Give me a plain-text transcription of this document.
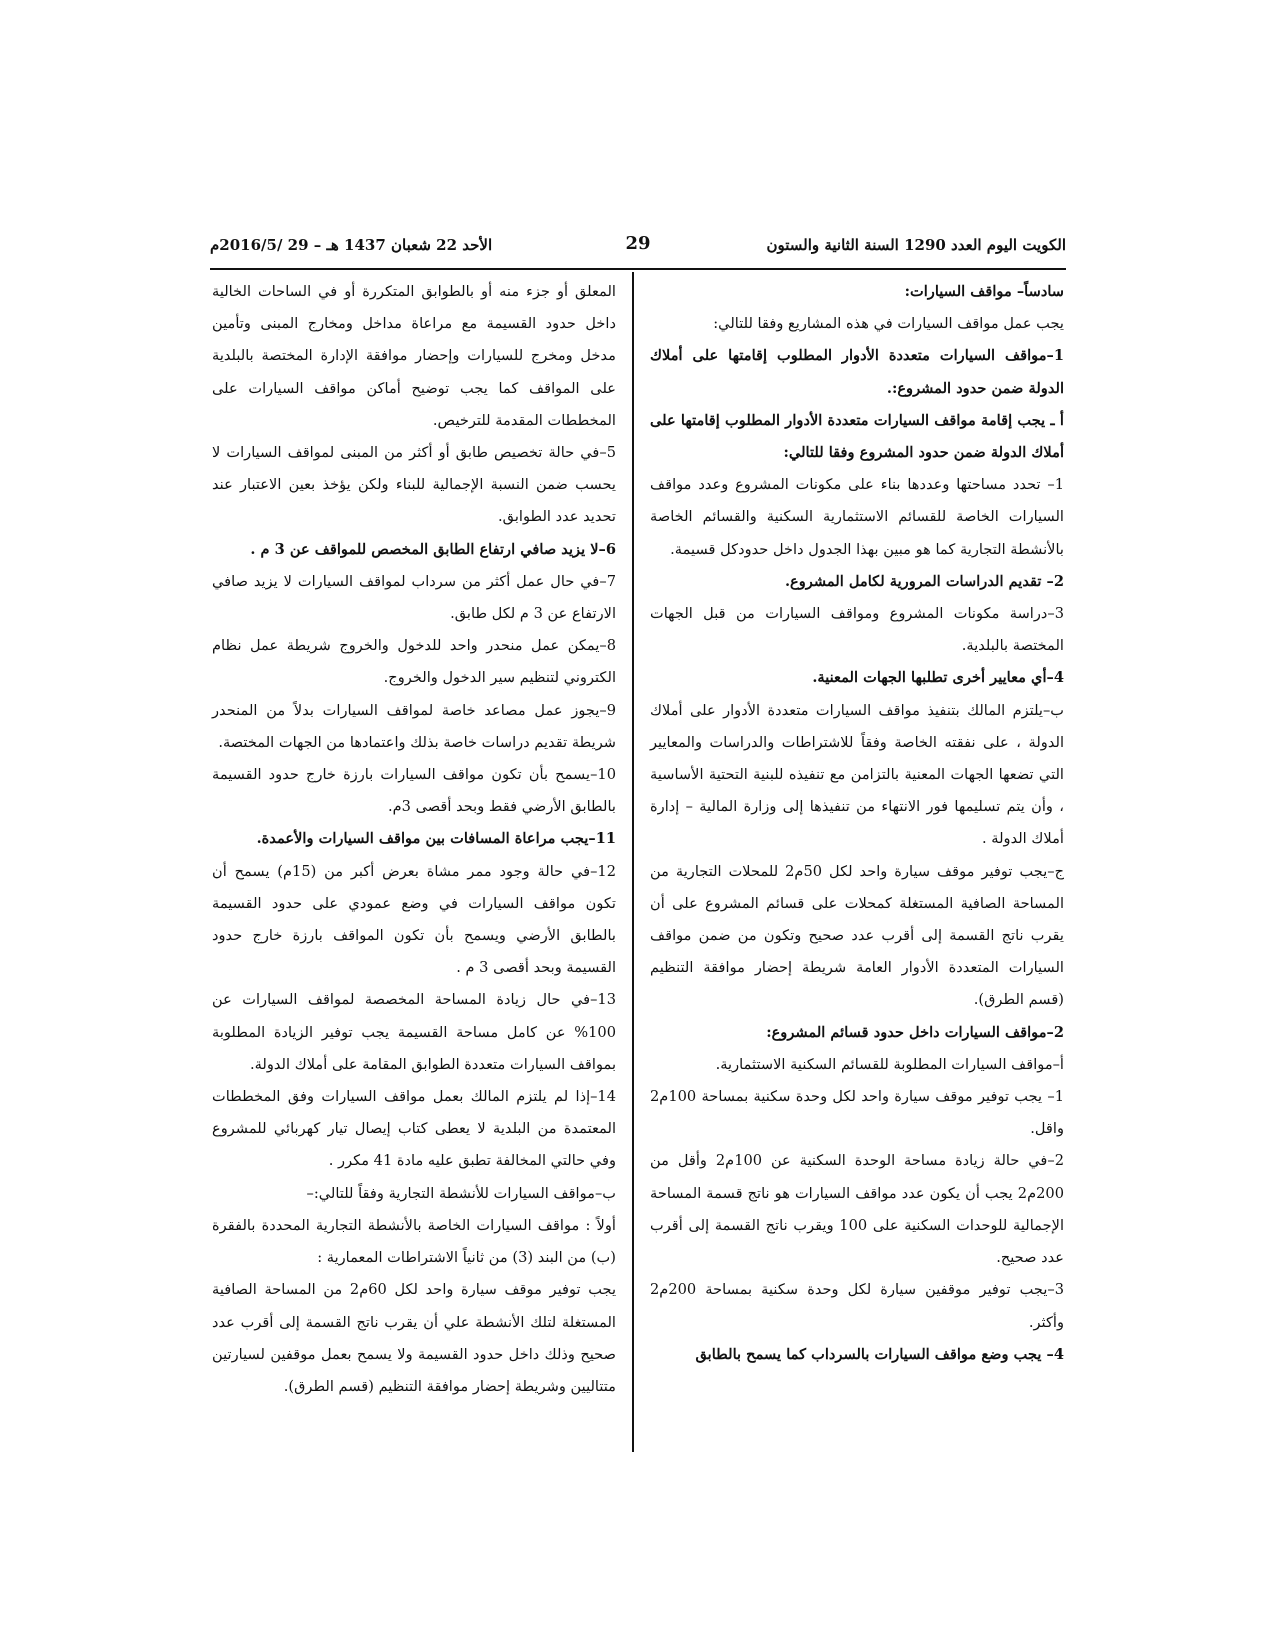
الكويت اليوم العدد 1290 السنة الثانية والستون
29
الأحد 22 شعبان 1437 هـ – 29 /2016/5م

سادساً– مواقف السيارات:

يجب عمل مواقف السيارات في هذه المشاريع وفقا للتالي:

1–مواقف السيارات متعددة الأدوار المطلوب إقامتها على أملاك الدولة ضمن حدود المشروع:.

أ ـ يجب إقامة مواقف السيارات متعددة الأدوار المطلوب إقامتها على أملاك الدولة ضمن حدود المشروع وفقا للتالي:

1– تحدد مساحتها وعددها بناء على مكونات المشروع وعدد مواقف السيارات الخاصة للقسائم الاستثمارية السكنية والقسائم الخاصة بالأنشطة التجارية كما هو مبين بهذا الجدول داخل حدودكل قسيمة.

2– تقديم الدراسات المرورية لكامل المشروع.

3–دراسة مكونات المشروع ومواقف السيارات من قبل الجهات المختصة بالبلدية.

4–أي معايير أخرى تطلبها الجهات المعنية.

ب–يلتزم المالك بتنفيذ مواقف السيارات متعددة الأدوار على أملاك الدولة ، على نفقته الخاصة وفقاً للاشتراطات والدراسات والمعايير التي تضعها الجهات المعنية بالتزامن مع تنفيذه للبنية التحتية الأساسية ، وأن يتم تسليمها فور الانتهاء من تنفيذها إلى وزارة المالية – إدارة أملاك الدولة .

ج–يجب توفير موقف سيارة واحد لكل 50م2 للمحلات التجارية من المساحة الصافية المستغلة كمحلات على قسائم المشروع على أن يقرب ناتج القسمة إلى أقرب عدد صحيح وتكون من ضمن مواقف السيارات المتعددة الأدوار العامة شريطة إحضار موافقة التنظيم (قسم الطرق).

2–مواقف السيارات داخل حدود قسائم المشروع:

أ–مواقف السيارات المطلوبة للقسائم السكنية الاستثمارية.

1– يجب توفير موقف سيارة واحد لكل وحدة سكنية بمساحة 100م2 واقل.

2–في حالة زيادة مساحة الوحدة السكنية عن 100م2 وأقل من 200م2 يجب أن يكون عدد مواقف السيارات هو ناتج قسمة المساحة الإجمالية للوحدات السكنية على 100 ويقرب ناتج القسمة إلى أقرب عدد صحيح.

3–يجب توفير موقفين سيارة لكل وحدة سكنية بمساحة 200م2 وأكثر.

4– يجب وضع مواقف السيارات بالسرداب كما يسمح بالطابق

المعلق أو جزء منه أو بالطوابق المتكررة أو في الساحات الخالية داخل حدود القسيمة مع مراعاة مداخل ومخارج المبنى وتأمين مدخل ومخرج للسيارات وإحضار موافقة الإدارة المختصة بالبلدية على المواقف كما يجب توضيح أماكن مواقف السيارات على المخططات المقدمة للترخيص.

5–في حالة تخصيص طابق أو أكثر من المبنى لمواقف السيارات لا يحسب ضمن النسبة الإجمالية للبناء ولكن يؤخذ بعين الاعتبار عند تحديد عدد الطوابق.

6–لا يزيد صافي ارتفاع الطابق المخصص للمواقف عن 3 م .

7–في حال عمل أكثر من سرداب لمواقف السيارات لا يزيد صافي الارتفاع عن 3 م لكل طابق.

8–يمكن عمل منحدر واحد للدخول والخروج شريطة عمل نظام الكتروني لتنظيم سير الدخول والخروج.

9–يجوز عمل مصاعد خاصة لمواقف السيارات بدلاً من المنحدر شريطة تقديم دراسات خاصة بذلك واعتمادها من الجهات المختصة.

10–يسمح بأن تكون مواقف السيارات بارزة خارج حدود القسيمة بالطابق الأرضي فقط وبحد أقصى 3م.

11–يجب مراعاة المسافات بين مواقف السيارات والأعمدة.

12–في حالة وجود ممر مشاة بعرض أكبر من (15م) يسمح أن تكون مواقف السيارات في وضع عمودي على حدود القسيمة بالطابق الأرضي ويسمح بأن تكون المواقف بارزة خارج حدود القسيمة وبحد أقصى 3 م .

13–في حال زيادة المساحة المخصصة لمواقف السيارات عن 100% عن كامل مساحة القسيمة يجب توفير الزيادة المطلوبة بمواقف السيارات متعددة الطوابق المقامة على أملاك الدولة.

14–إذا لم يلتزم المالك بعمل مواقف السيارات وفق المخططات المعتمدة من البلدية لا يعطى كتاب إيصال تيار كهربائي للمشروع وفي حالتي المخالفة تطبق عليه مادة 41 مكرر .

ب–مواقف السيارات للأنشطة التجارية وفقاً للتالي:–

أولاً : مواقف السيارات الخاصة بالأنشطة التجارية المحددة بالفقرة (ب) من البند (3) من ثانياً الاشتراطات المعمارية :

يجب توفير موقف سيارة واحد لكل 60م2 من المساحة الصافية المستغلة لتلك الأنشطة علي أن يقرب ناتج القسمة إلى أقرب عدد صحيح وذلك داخل حدود القسيمة ولا يسمح بعمل موقفين لسيارتين متتاليين وشريطة إحضار موافقة التنظيم (قسم الطرق).
